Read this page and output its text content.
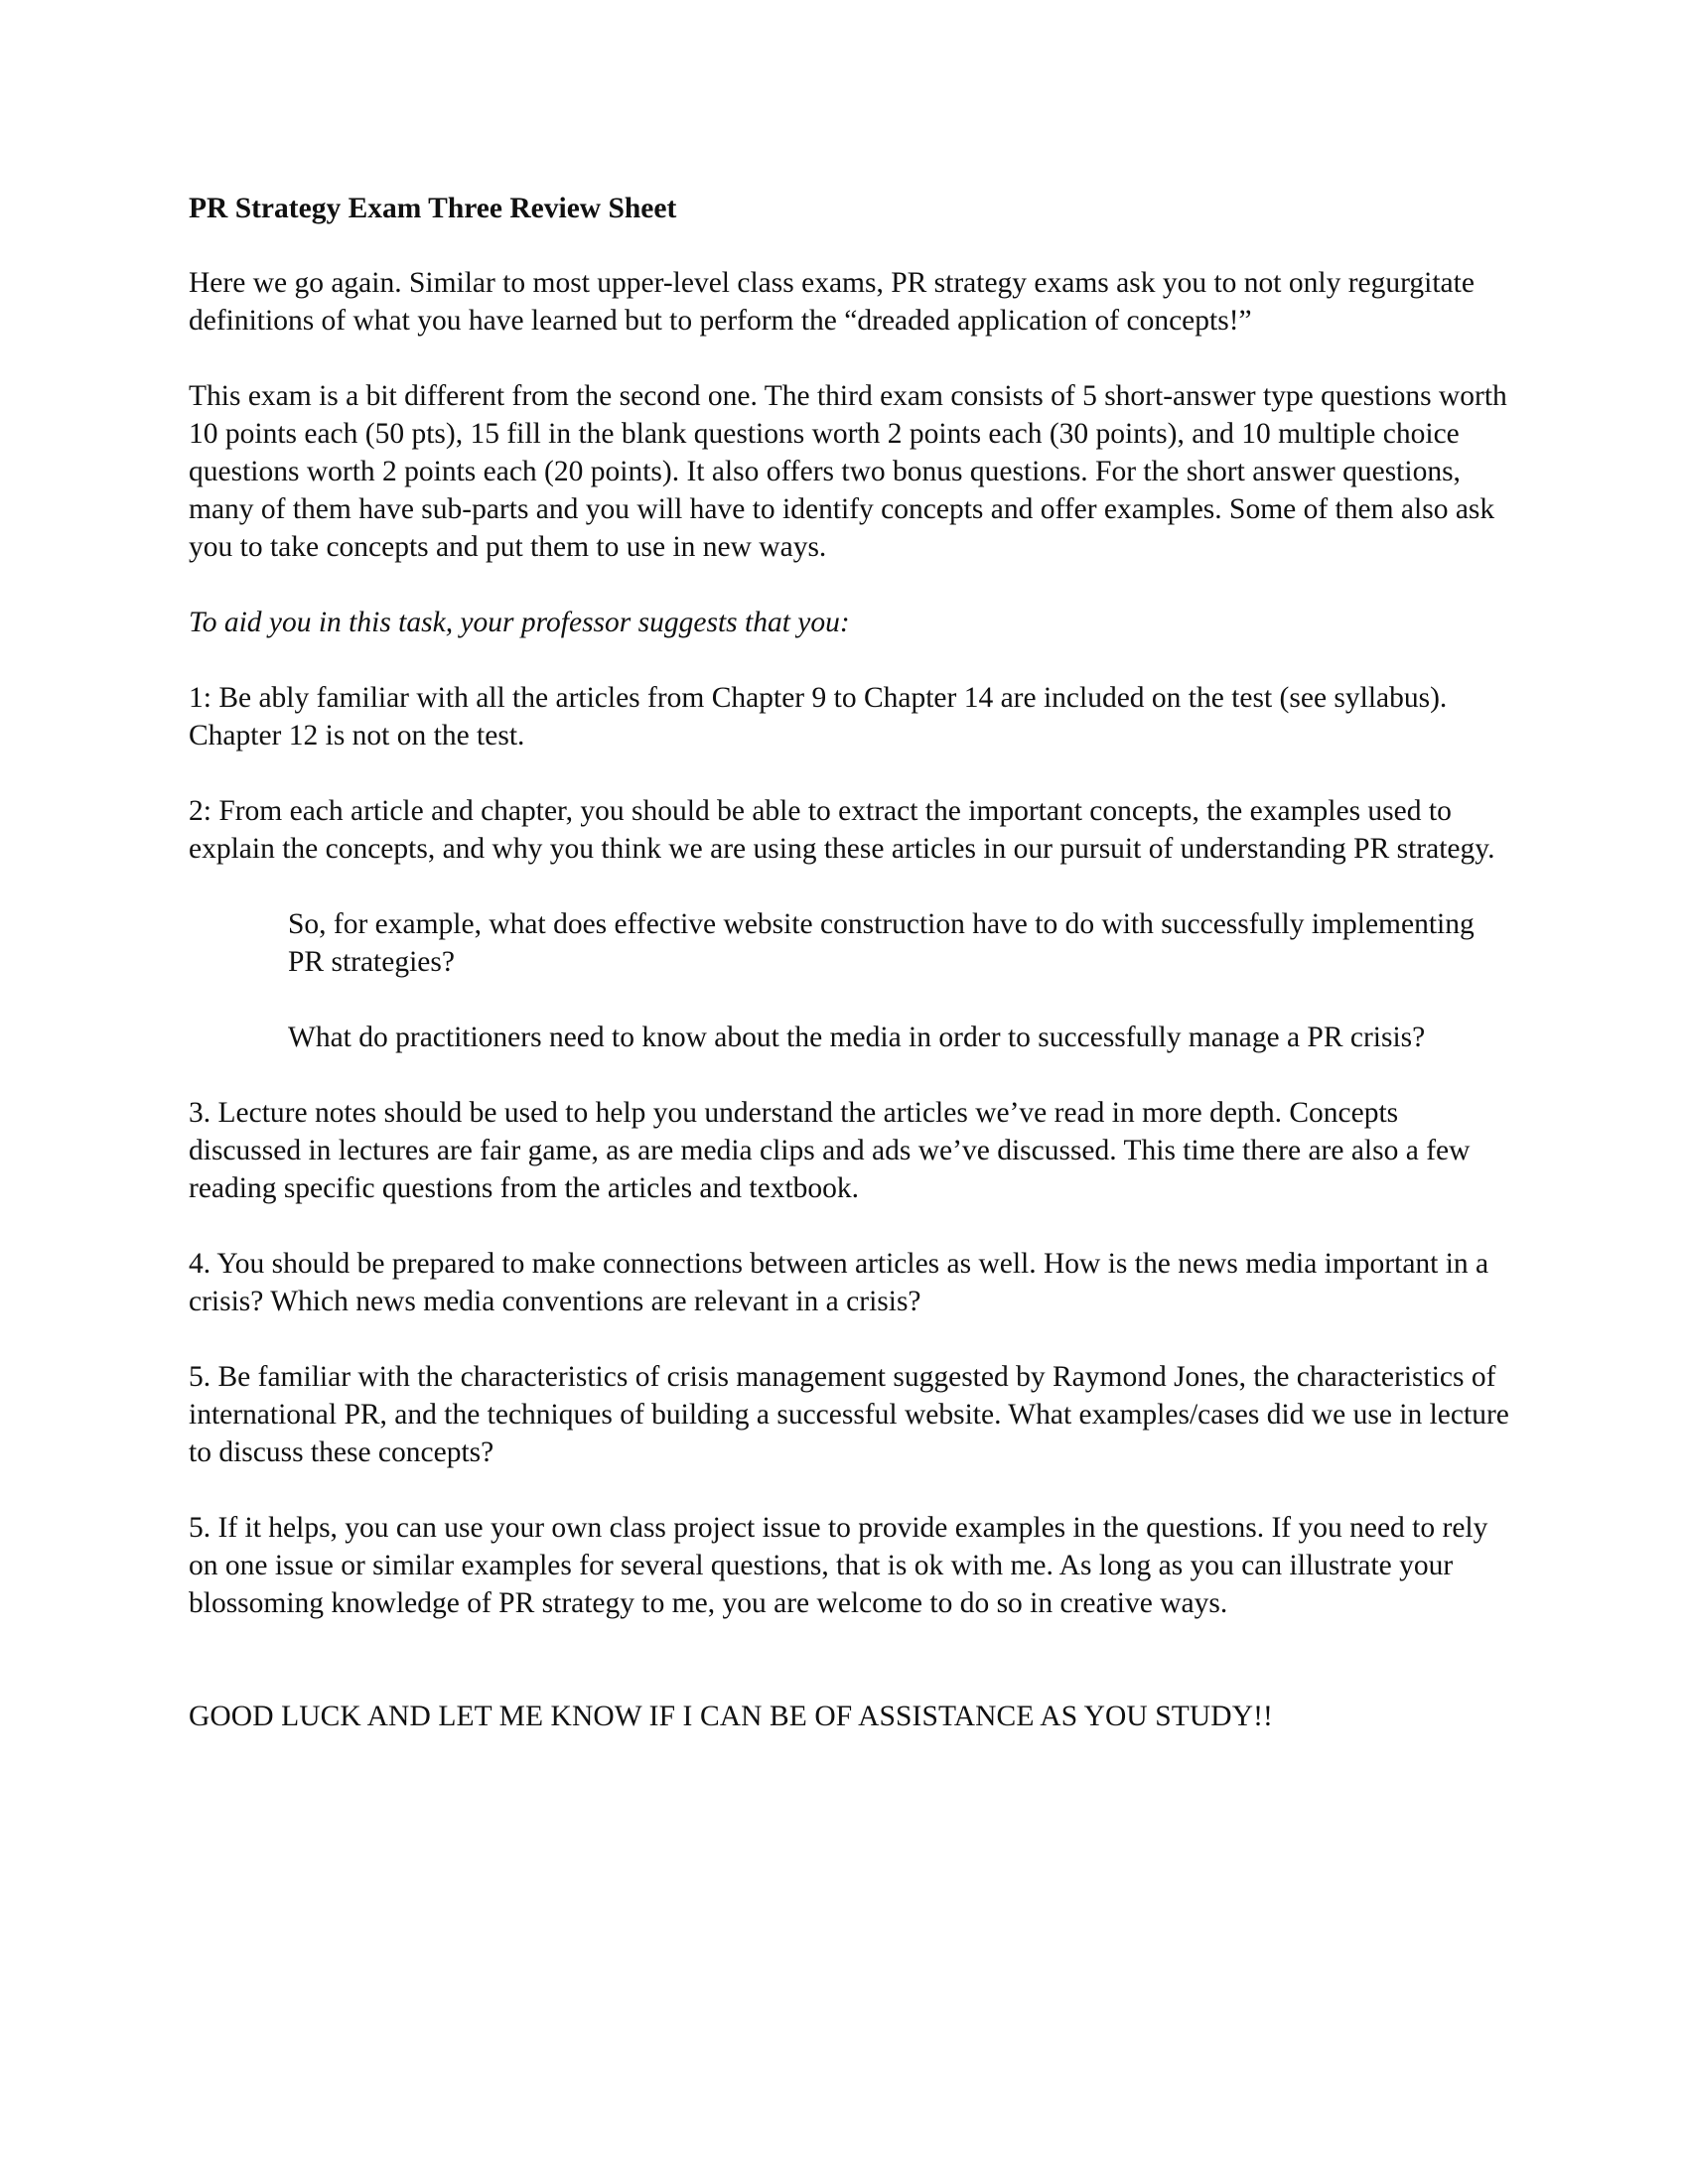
PR Strategy Exam Three Review Sheet

Here we go again. Similar to most upper-level class exams, PR strategy exams ask you to not only regurgitate definitions of what you have learned but to perform the “dreaded application of concepts!”

This exam is a bit different from the second one. The third exam consists of 5 short-answer type questions worth 10 points each (50 pts), 15 fill in the blank questions worth 2 points each (30 points), and 10 multiple choice questions worth 2 points each (20 points). It also offers two bonus questions. For the short answer questions, many of them have sub-parts and you will have to identify concepts and offer examples. Some of them also ask you to take concepts and put them to use in new ways.

To aid you in this task, your professor suggests that you:

1: Be ably familiar with all the articles from Chapter 9 to Chapter 14 are included on the test (see syllabus). Chapter 12 is not on the test.

2: From each article and chapter, you should be able to extract the important concepts, the examples used to explain the concepts, and why you think we are using these articles in our pursuit of understanding PR strategy.

So, for example, what does effective website construction have to do with successfully implementing PR strategies?

What do practitioners need to know about the media in order to successfully manage a PR crisis?

3. Lecture notes should be used to help you understand the articles we’ve read in more depth. Concepts discussed in lectures are fair game, as are media clips and ads we’ve discussed. This time there are also a few reading specific questions from the articles and textbook.

4. You should be prepared to make connections between articles as well. How is the news media important in a crisis? Which news media conventions are relevant in a crisis?

5. Be familiar with the characteristics of crisis management suggested by Raymond Jones, the characteristics of international PR, and the techniques of building a successful website. What examples/cases did we use in lecture to discuss these concepts?

5. If it helps, you can use your own class project issue to provide examples in the questions. If you need to rely on one issue or similar examples for several questions, that is ok with me. As long as you can illustrate your blossoming knowledge of PR strategy to me, you are welcome to do so in creative ways.

GOOD LUCK AND LET ME KNOW IF I CAN BE OF ASSISTANCE AS YOU STUDY!!
